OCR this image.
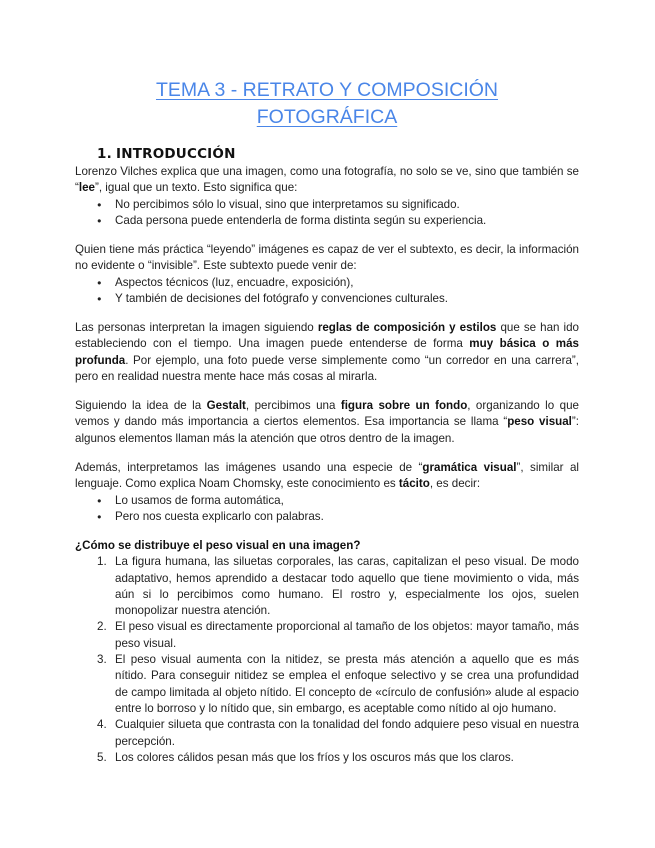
TEMA 3 - RETRATO Y COMPOSICIÓN
FOTOGRÁFICA
1. INTRODUCCIÓN

Lorenzo Vilches explica que una imagen, como una fotografía, no solo se ve, sino que también se “lee”, igual que un texto. Esto significa que:

● No percibimos sólo lo visual, sino que interpretamos su significado.
● Cada persona puede entenderla de forma distinta según su experiencia.

Quien tiene más práctica “leyendo” imágenes es capaz de ver el subtexto, es decir, la información no evidente o “invisible”. Este subtexto puede venir de:

● Aspectos técnicos (luz, encuadre, exposición),
● Y también de decisiones del fotógrafo y convenciones culturales.

Las personas interpretan la imagen siguiendo reglas de composición y estilos que se han ido estableciendo con el tiempo. Una imagen puede entenderse de forma muy básica o más profunda. Por ejemplo, una foto puede verse simplemente como “un corredor en una carrera”, pero en realidad nuestra mente hace más cosas al mirarla.

Siguiendo la idea de la Gestalt, percibimos una figura sobre un fondo, organizando lo que vemos y dando más importancia a ciertos elementos. Esa importancia se llama “peso visual”: algunos elementos llaman más la atención que otros dentro de la imagen.

Además, interpretamos las imágenes usando una especie de “gramática visual”, similar al lenguaje. Como explica Noam Chomsky, este conocimiento es tácito, es decir:

● Lo usamos de forma automática,
● Pero nos cuesta explicarlo con palabras.

¿Cómo se distribuye el peso visual en una imagen?

1. La figura humana, las siluetas corporales, las caras, capitalizan el peso visual. De modo adaptativo, hemos aprendido a destacar todo aquello que tiene movimiento o vida, más aún si lo percibimos como humano. El rostro y, especialmente los ojos, suelen monopolizar nuestra atención.
2. El peso visual es directamente proporcional al tamaño de los objetos: mayor tamaño, más peso visual.
3. El peso visual aumenta con la nitidez, se presta más atención a aquello que es más nítido. Para conseguir nitidez se emplea el enfoque selectivo y se crea una profundidad de campo limitada al objeto nítido. El concepto de «círculo de confusión» alude al espacio entre lo borroso y lo nítido que, sin embargo, es aceptable como nítido al ojo humano.
4. Cualquier silueta que contrasta con la tonalidad del fondo adquiere peso visual en nuestra percepción.
5. Los colores cálidos pesan más que los fríos y los oscuros más que los claros.
